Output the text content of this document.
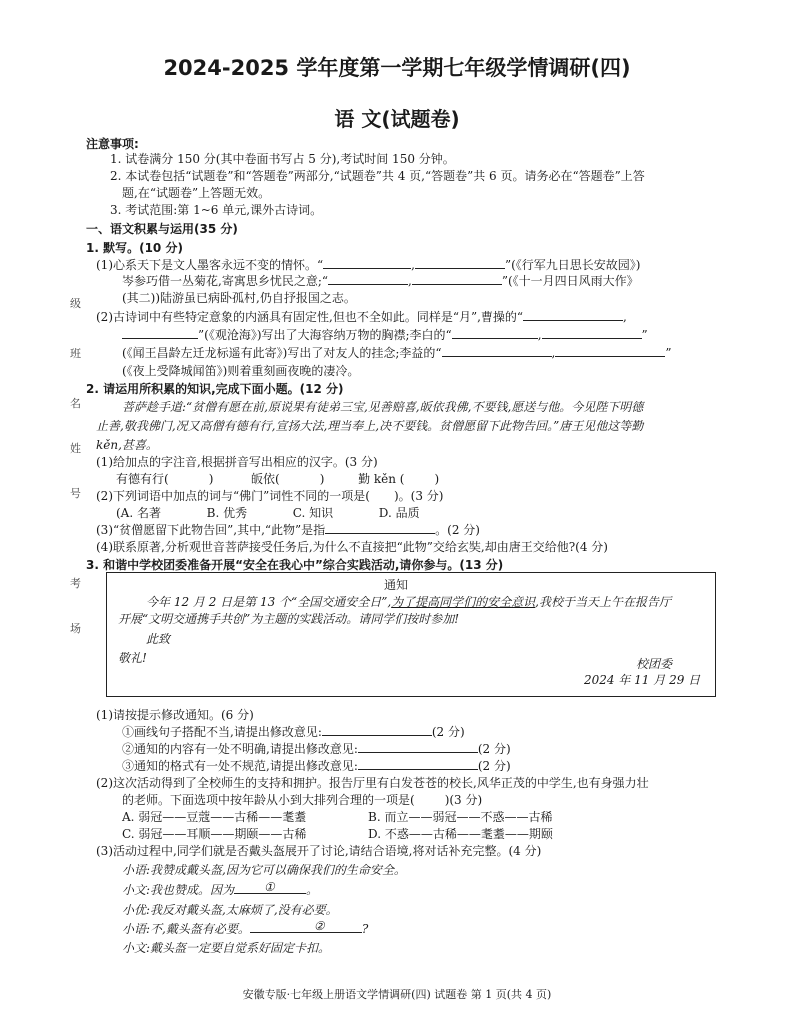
2024-2025 学年度第一学期七年级学情调研(四)
语 文(试题卷)
级
班
名
姓
号
考
场
注意事项:
1. 试卷满分 150 分(其中卷面书写占 5 分),考试时间 150 分钟。
2. 本试卷包括“试题卷”和“答题卷”两部分,“试题卷”共 4 页,“答题卷”共 6 页。请务必在“答题卷”上答
题,在“试题卷”上答题无效。
3. 考试范围:第 1~6 单元,课外古诗词。
一、语文积累与运用(35 分)
1. 默写。(10 分)
(1)心系天下是文人墨客永远不变的情怀。“	,	”(《行军九日思长安故园》)
岑参巧借一丛菊花,寄寓思乡忧民之意;“	,	”(《十一月四日风雨大作》
(其二))陆游虽已病卧孤村,仍自抒报国之志。
(2)古诗词中有些特定意象的内涵具有固定性,但也不全如此。同样是“月”,曹操的“	,
”(《观沧海》)写出了大海容纳万物的胸襟;李白的“	,	”
(《闻王昌龄左迁龙标遥有此寄》)写出了对友人的挂念;李益的“	,	”
(《夜上受降城闻笛》)则着重刻画夜晚的凄冷。
2. 请运用所积累的知识,完成下面小题。(12 分)
菩萨趁手道:“贫僧有愿在前,原说果有徒弟三宝,见善赔喜,皈依我佛,不要钱,愿送与他。今见陛下明德
止善,敬我佛门,况又高僧有德有行,宣扬大法,理当奉上,决不要钱。贫僧愿留下此物告回。”唐王见他这等勤
kěn,甚喜。
(1)给加点的字注音,根据拼音写出相应的汉字。(3 分)
有德有行(	)	皈依(	)	勤 kěn (	)
(2)下列词语中加点的词与“佛门”词性不同的一项是( )。(3 分)
(A. 名著	B. 优秀	C. 知识	D. 品质
(3)“贫僧愿留下此物告回”,其中,“此物”是指	。(2 分)
(4)联系原著,分析观世音菩萨接受任务后,为什么不直接把“此物”交给玄奘,却由唐王交给他?(4 分)
3. 和谐中学校团委准备开展“安全在我心中”综合实践活动,请你参与。(13 分)
通知
今年 12 月 2 日是第 13 个“全国交通安全日”,为了提高同学们的安全意识,我校于当天上午在报告厅
开展“文明交通携手共创”为主题的实践活动。请同学们按时参加!
此致
敬礼!	校团委
2024 年 11 月 29 日
(1)请按提示修改通知。(6 分)
①画线句子搭配不当,请提出修改意见:	(2 分)
②通知的内容有一处不明确,请提出修改意见:	(2 分)
③通知的格式有一处不规范,请提出修改意见:	(2 分)
(2)这次活动得到了全校师生的支持和拥护。报告厅里有白发苍苍的校长,风华正茂的中学生,也有身强力壮
的老师。下面选项中按年龄从小到大排列合理的一项是(	)(3 分)
A. 弱冠——豆蔻——古稀——耄耋	B. 而立——弱冠——不惑——古稀
C. 弱冠——耳顺——期颐——古稀	D. 不惑——古稀——耄耋——期颐
(3)活动过程中,同学们就是否戴头盔展开了讨论,请结合语境,将对话补充完整。(4 分)
小语:我赞成戴头盔,因为它可以确保我们的生命安全。
小文:我也赞成。因为	①	。
小优:我反对戴头盔,太麻烦了,没有必要。
小语:不,戴头盔有必要。	②	?
小文:戴头盔一定要自觉系好固定卡扣。
安徽专版·七年级上册语文学情调研(四) 试题卷 第 1 页(共 4 页)
